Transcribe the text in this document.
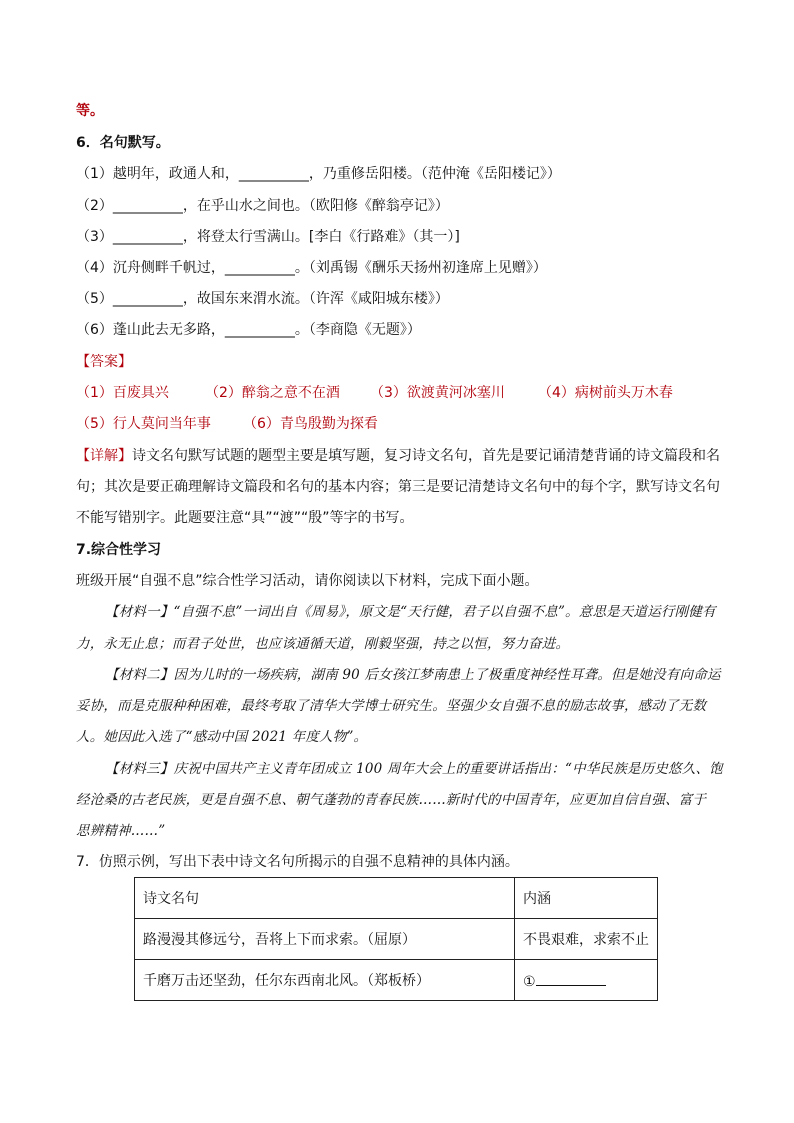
等。
6．名句默写。
（1）越明年，政通人和，__________，乃重修岳阳楼。（范仲淹《岳阳楼记》）
（2）__________，在乎山水之间也。（欧阳修《醉翁亭记》）
（3）__________，将登太行雪满山。[李白《行路难》（其一）]
（4）沉舟侧畔千帆过，__________。（刘禹锡《酬乐天扬州初逢席上见赠》）
（5）__________，故国东来渭水流。（许浑《咸阳城东楼》）
（6）蓬山此去无多路，__________。（李商隐《无题》）
【答案】
（1）百废具兴	（2）醉翁之意不在酒 （3）欲渡黄河冰塞川 （4）病树前头万木春
（5）行人莫问当年事 （6）青鸟殷勤为探看
【详解】诗文名句默写试题的题型主要是填写题，复习诗文名句，首先是要记诵清楚背诵的诗文篇段和名
句；其次是要正确理解诗文篇段和名句的基本内容；第三是要记清楚诗文名句中的每个字，默写诗文名句
不能写错别字。此题要注意“具”“渡”“殷”等字的书写。
7.综合性学习
班级开展“自强不息”综合性学习活动，请你阅读以下材料，完成下面小题。
【材料一】“自强不息”一词出自《周易》，原文是“天行健，君子以自强不息”。意思是天道运行刚健有
力，永无止息；而君子处世，也应该通循天道，刚毅坚强，持之以恒，努力奋进。
【材料二】因为儿时的一场疾病，湖南 90 后女孩江梦南患上了极重度神经性耳聋。但是她没有向命运
妥协，而是克服种种困难，最终考取了清华大学博士研究生。坚强少女自强不息的励志故事，感动了无数
人。她因此入选了“感动中国 2021 年度人物”。
【材料三】庆祝中国共产主义青年团成立 100 周年大会上的重要讲话指出：“中华民族是历史悠久、饱
经沧桑的古老民族，更是自强不息、朝气蓬勃的青春民族……新时代的中国青年，应更加自信自强、富于
思辨精神……”
7．仿照示例，写出下表中诗文名句所揭示的自强不息精神的具体内涵。
诗文名句	内涵
路漫漫其修远兮，吾将上下而求索。（屈原）	不畏艰难，求索不止
千磨万击还坚劲，任尔东西南北风。（郑板桥）	①
